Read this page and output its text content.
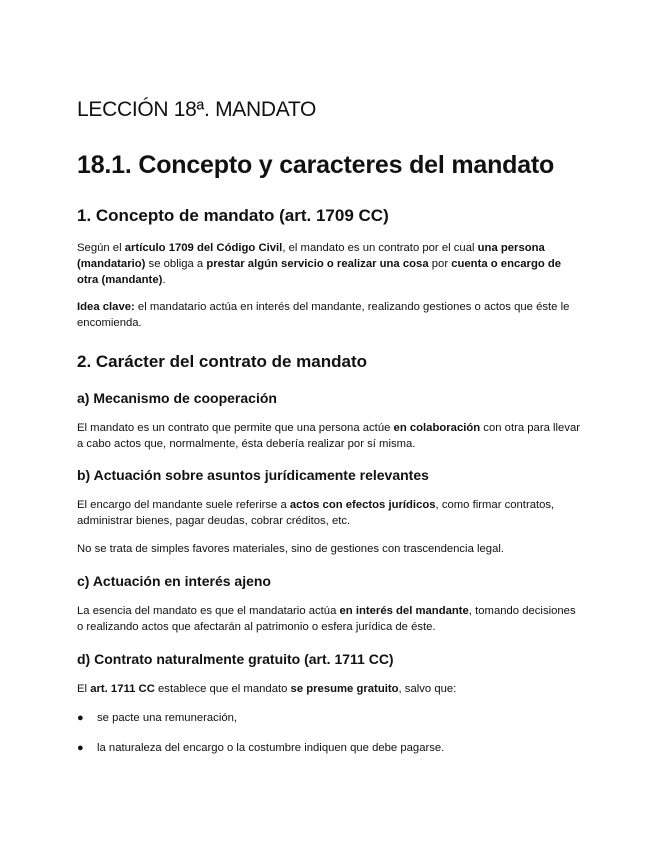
LECCIÓN 18ª. MANDATO
18.1. Concepto y caracteres del mandato
1. Concepto de mandato (art. 1709 CC)

Según el artículo 1709 del Código Civil, el mandato es un contrato por el cual una persona (mandatario) se obliga a prestar algún servicio o realizar una cosa por cuenta o encargo de otra (mandante).

Idea clave: el mandatario actúa en interés del mandante, realizando gestiones o actos que éste le encomienda.

2. Carácter del contrato de mandato
a) Mecanismo de cooperación

El mandato es un contrato que permite que una persona actúe en colaboración con otra para llevar a cabo actos que, normalmente, ésta debería realizar por sí misma.

b) Actuación sobre asuntos jurídicamente relevantes

El encargo del mandante suele referirse a actos con efectos jurídicos, como firmar contratos, administrar bienes, pagar deudas, cobrar créditos, etc.

No se trata de simples favores materiales, sino de gestiones con trascendencia legal.

c) Actuación en interés ajeno

La esencia del mandato es que el mandatario actúa en interés del mandante, tomando decisiones o realizando actos que afectarán al patrimonio o esfera jurídica de éste.

d) Contrato naturalmente gratuito (art. 1711 CC)

El art. 1711 CC establece que el mandato se presume gratuito, salvo que:

● se pacte una remuneración,

● la naturaleza del encargo o la costumbre indiquen que debe pagarse.
